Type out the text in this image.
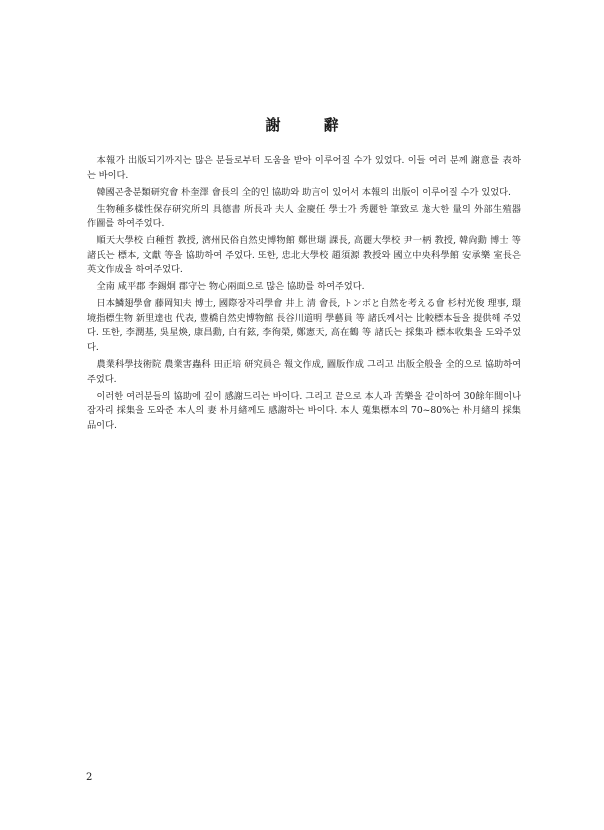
謝　辭

本報가 出版되기까지는 많은 분들로부터 도움을 받아 이루어질 수가 있었다. 이들 여러 분께 謝意를 表하는 바이다.

韓國곤충분類研究會 朴奎澤 會長의 全的인 協助와 助言이 있어서 本報의 出版이 이루어질 수가 있었다.

生物種多樣性保存研究所의 具德書 所長과 夫人 金慶任 學士가 秀麗한 筆致로 尨大한 量의 外部生殖器 作圖를 하여주었다.

順天大學校 白種哲 教授, 濟州民俗自然史博物館 鄭世瑚 課長, 高麗大學校 尹一柄 教授, 韓尙勳 博士 等 諸氏는 標本, 文獻 等을 協助하여 주었다. 또한, 忠北大學校 趙須源 教授와 國立中央科學館 安承樂 室長은 英文作成을 하여주었다.

全南 咸平郡 李錫炯 郡守는 物心兩面으로 많은 協助를 하여주었다.

日本鱗翅學會 藤岡知夫 博士, 國際장자리學會 井上 清 會長, トンボと自然を考える會 杉村光俊 理事, 環境指標生物 新里達也 代表, 豊橋自然史博物館 長谷川道明 學藝員 等 諸氏께서는 比較標本들을 提供해 주었다. 또한, 李潤基, 吳星煥, 康昌勳, 白有鉉, 李徇榮, 鄭憲天, 高在鶴 等 諸氏는 採集과 標本收集을 도와주었다.

農業科學技術院 農業害蟲科 田正培 研究員은 報文作成, 圖版作成 그리고 出版全般을 全的으로 協助하여 주었다.

이러한 여러분들의 協助에 깊이 感謝드리는 바이다. 그리고 끝으로 本人과 苦樂을 같이하여 30餘年間이나 잠자리 採集을 도와준 本人의 妻 朴月緖께도 感謝하는 바이다. 本人 蒐集標本의 70~80%는 朴月緖의 採集品이다.

2
